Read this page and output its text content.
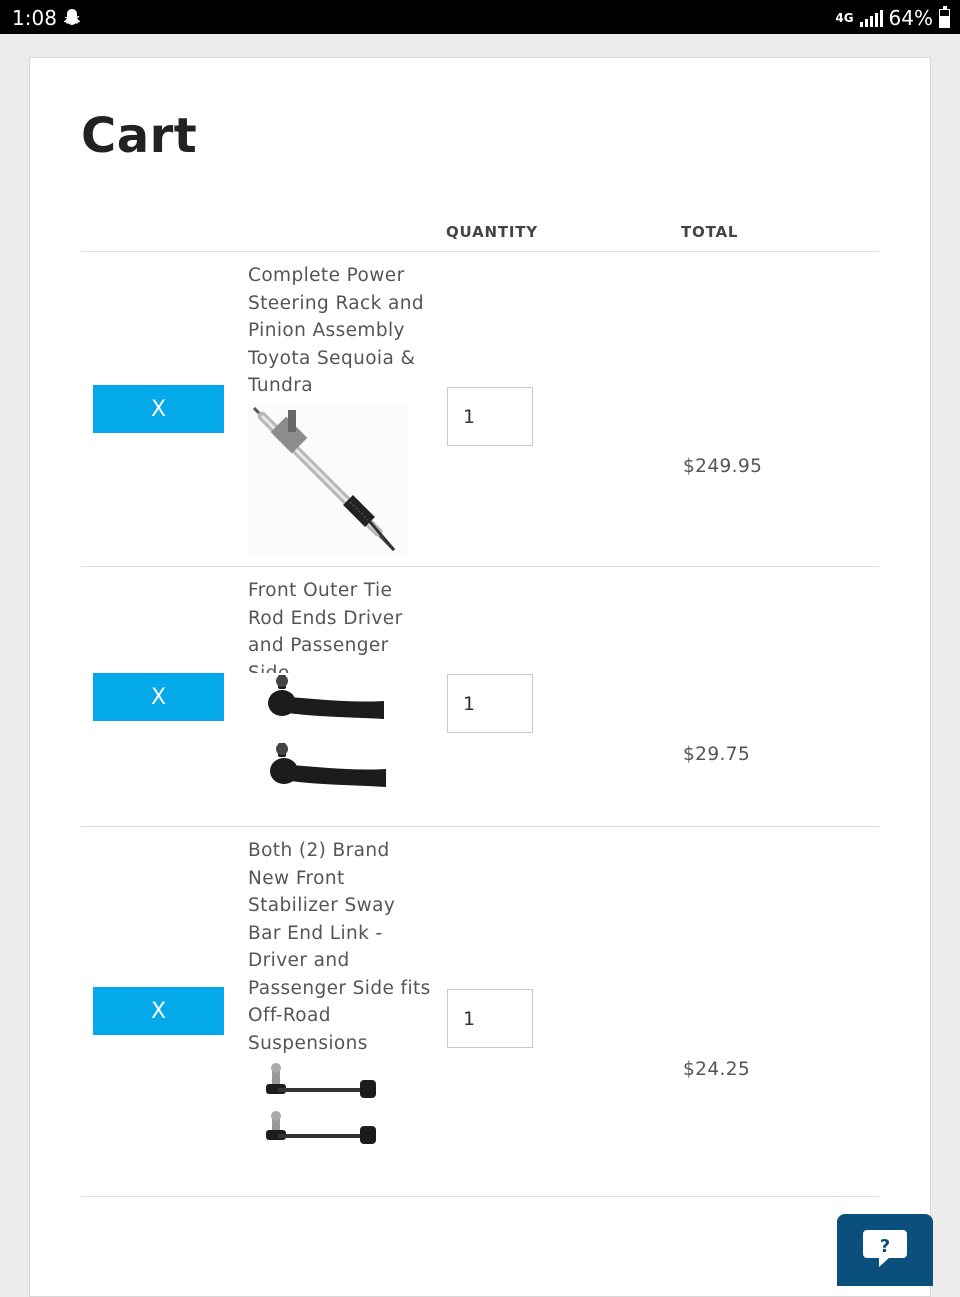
1:08	4G 64%
Cart
QUANTITY	TOTAL
X

Complete Power Steering Rack and Pinion Assembly Toyota Sequoia & Tundra

1
$249.95
X

Front Outer Tie Rod Ends Driver and Passenger

1
$29.75
X

Both (2) Brand New Front Stabilizer Sway Bar End Link - Driver and Passenger Side fits Off-Road Suspensions

1
$24.25
?
